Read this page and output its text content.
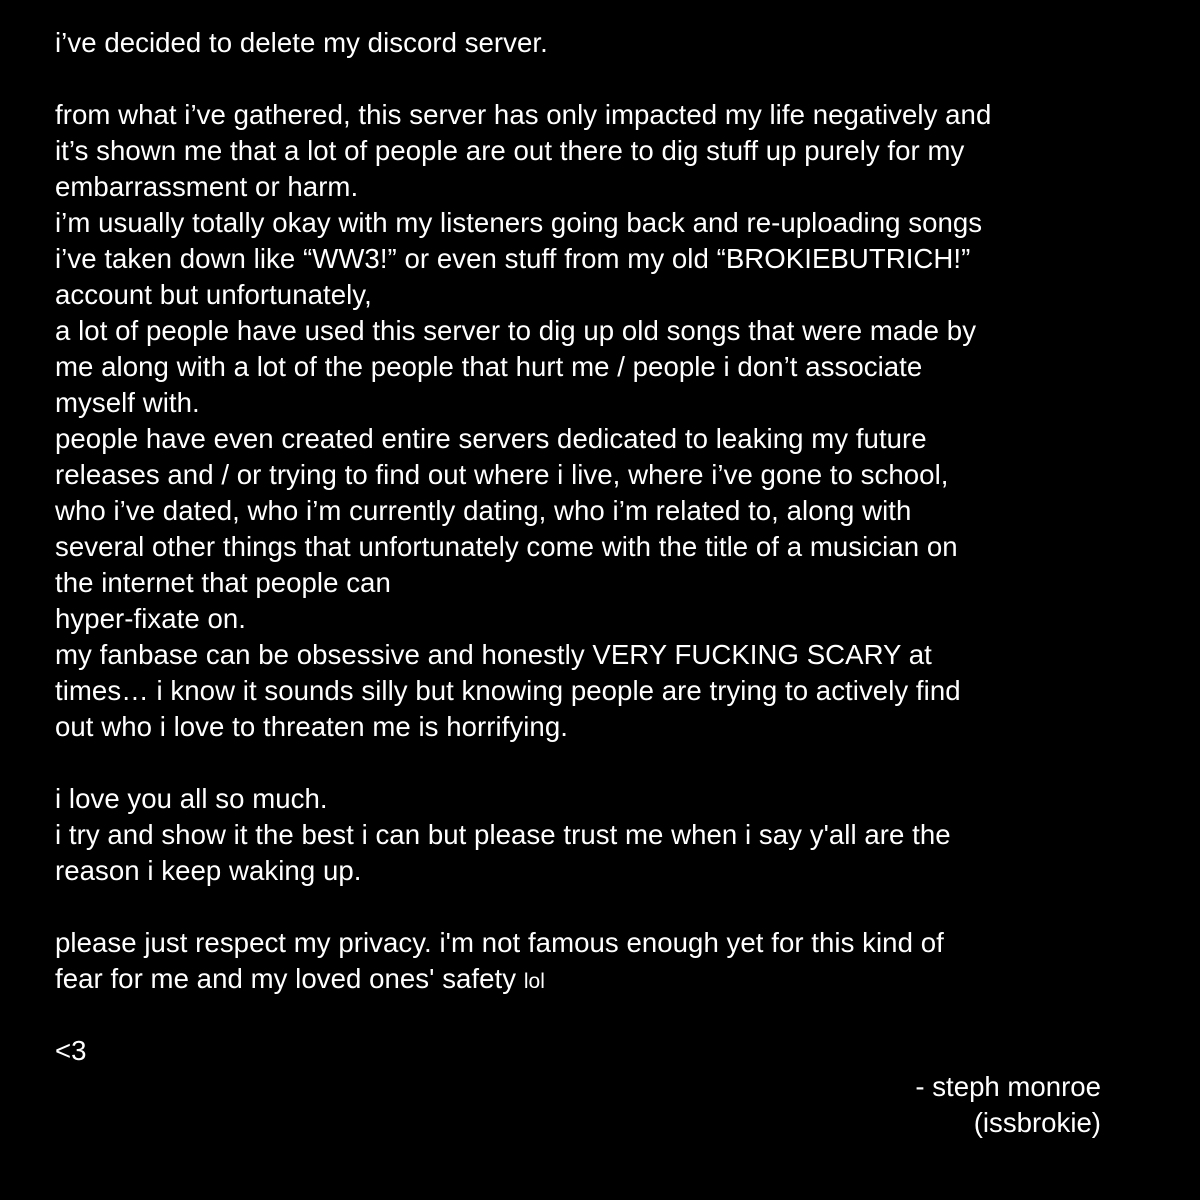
i’ve decided to delete my discord server.
from what i’ve gathered, this server has only impacted my life negatively and
it’s shown me that a lot of people are out there to dig stuff up purely for my
embarrassment or harm.
i’m usually totally okay with my listeners going back and re-uploading songs
i’ve taken down like “WW3!” or even stuff from my old “BROKIEBUTRICH!”
account but unfortunately,
a lot of people have used this server to dig up old songs that were made by
me along with a lot of the people that hurt me / people i don’t associate
myself with.
people have even created entire servers dedicated to leaking my future
releases and / or trying to find out where i live, where i’ve gone to school,
who i’ve dated, who i’m currently dating, who i’m related to, along with
several other things that unfortunately come with the title of a musician on
the internet that people can
hyper-fixate on.
my fanbase can be obsessive and honestly VERY FUCKING SCARY at
times… i know it sounds silly but knowing people are trying to actively find
out who i love to threaten me is horrifying.
i love you all so much.
i try and show it the best i can but please trust me when i say y'all are the
reason i keep waking up.
please just respect my privacy. i'm not famous enough yet for this kind of
fear for me and my loved ones' safety lol
<3
- steph monroe
(issbrokie)
